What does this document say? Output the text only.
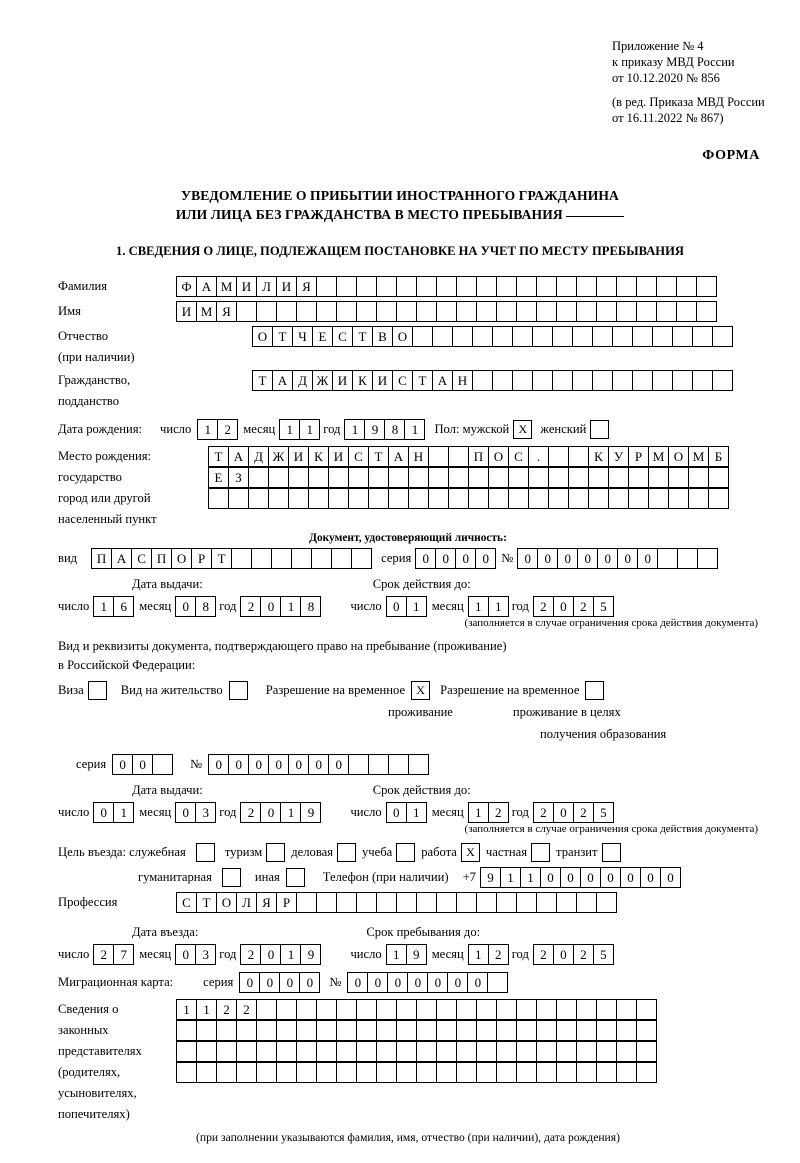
Приложение № 4
к приказу МВД России
от 10.12.2020 № 856
(в ред. Приказа МВД России
от 16.11.2022 № 867)
ФОРМА
УВЕДОМЛЕНИЕ О ПРИБЫТИИ ИНОСТРАННОГО ГРАЖДАНИНА
ИЛИ ЛИЦА БЕЗ ГРАЖДАНСТВА В МЕСТО ПРЕБЫВАНИЯ
1. СВЕДЕНИЯ О ЛИЦЕ, ПОДЛЕЖАЩЕМ ПОСТАНОВКЕ НА УЧЕТ ПО МЕСТУ ПРЕБЫВАНИЯ
Фамилия	Ф А М И Л И Я
Имя	И М Я
Отчество	О Т Ч Е С Т В О
(при наличии)
Гражданство,	Т А Д Ж И К И С Т А Н
подданство
Дата рождения: число	1	2 месяц 1	1 год 1	9	8	1	Пол: мужской X	женский
Место рождения:	Т А Д Ж И К И С Т А Н	П О С	.	К У Р М О М Б
государство	Е З
город или другой
населенный пункт
Документ, удостоверяющий личность:
вид	П А С П О Р Т	серия 0	0	0	0 № 0	0	0	0	0	0	0
Дата выдачи:	Срок действия до:
число 1	6 месяц 0	8 год 2	0	1	8	число 0	1 месяц 1	1 год 2	0	2	5
(заполняется в случае ограничения срока действия документа)
Вид и реквизиты документа, подтверждающего право на пребывание (проживание)
в Российской Федерации:
Виза	Вид на жительство	Разрешение на временное X	Разрешение на временное
проживание	проживание в целях
получения образования
серия	0	0	№	0	0	0	0	0	0	0
Дата выдачи:	Срок действия до:
число 0	1 месяц 0	3 год 2	0	1	9	число 0	1 месяц 1	2 год 2	0	2	5
(заполняется в случае ограничения срока действия документа)
Цель въезда: служебная	туризм деловая учеба работа X частная транзит
гуманитарная	иная	Телефон (при наличии) +7 9	1	1	0	0	0	0	0	0	0
Профессия	С Т О Л Я Р
Дата въезда:	Срок пребывания до:
число 2	7 месяц 0	3 год 2	0	1	9	число 1	9 месяц 1	2 год 2	0	2	5
Миграционная карта: серия	0	0	0	0	№	0	0	0	0	0	0	0
Сведения о	1	1	2	2
законных
представителях
(родителях,
усыновителях,
попечителях)
(при заполнении указываются фамилия, имя, отчество (при наличии), дата рождения)
